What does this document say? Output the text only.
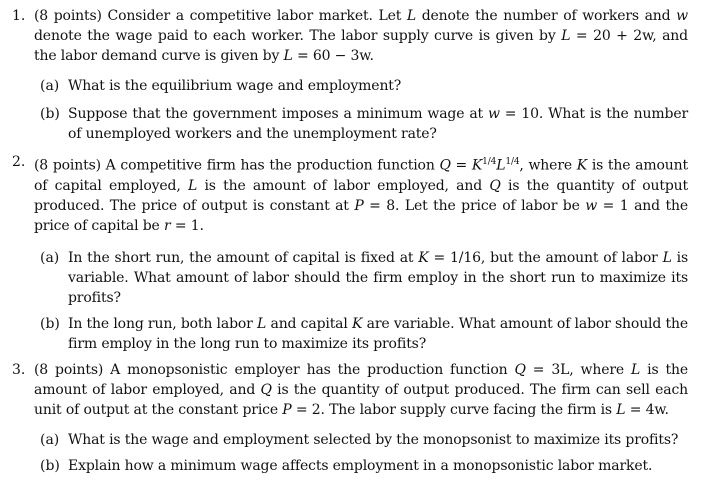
1. (8 points) Consider a competitive labor market. Let L denote the number of workers and w denote the wage paid to each worker. The labor supply curve is given by L = 20 + 2w, and the labor demand curve is given by L = 60 − 3w.
(a) What is the equilibrium wage and employment?
(b) Suppose that the government imposes a minimum wage at w = 10. What is the number of unemployed workers and the unemployment rate?
2. (8 points) A competitive firm has the production function $Q = K^{1/4}L^{1/4}$, where K is the amount of capital employed, L is the amount of labor employed, and Q is the quantity of output produced. The price of output is constant at P = 8. Let the price of labor be w = 1 and the price of capital be r = 1.
(a) In the short run, the amount of capital is fixed at K = 1/16, but the amount of labor L is variable. What amount of labor should the firm employ in the short run to maximize its profits?
(b) In the long run, both labor L and capital K are variable. What amount of labor should the firm employ in the long run to maximize its profits?
3. (8 points) A monopsonistic employer has the production function Q = 3L, where L is the amount of labor employed, and Q is the quantity of output produced. The firm can sell each unit of output at the constant price P = 2. The labor supply curve facing the firm is L = 4w.
(a) What is the wage and employment selected by the monopsonist to maximize its profits?
(b) Explain how a minimum wage affects employment in a monopsonistic labor market.
